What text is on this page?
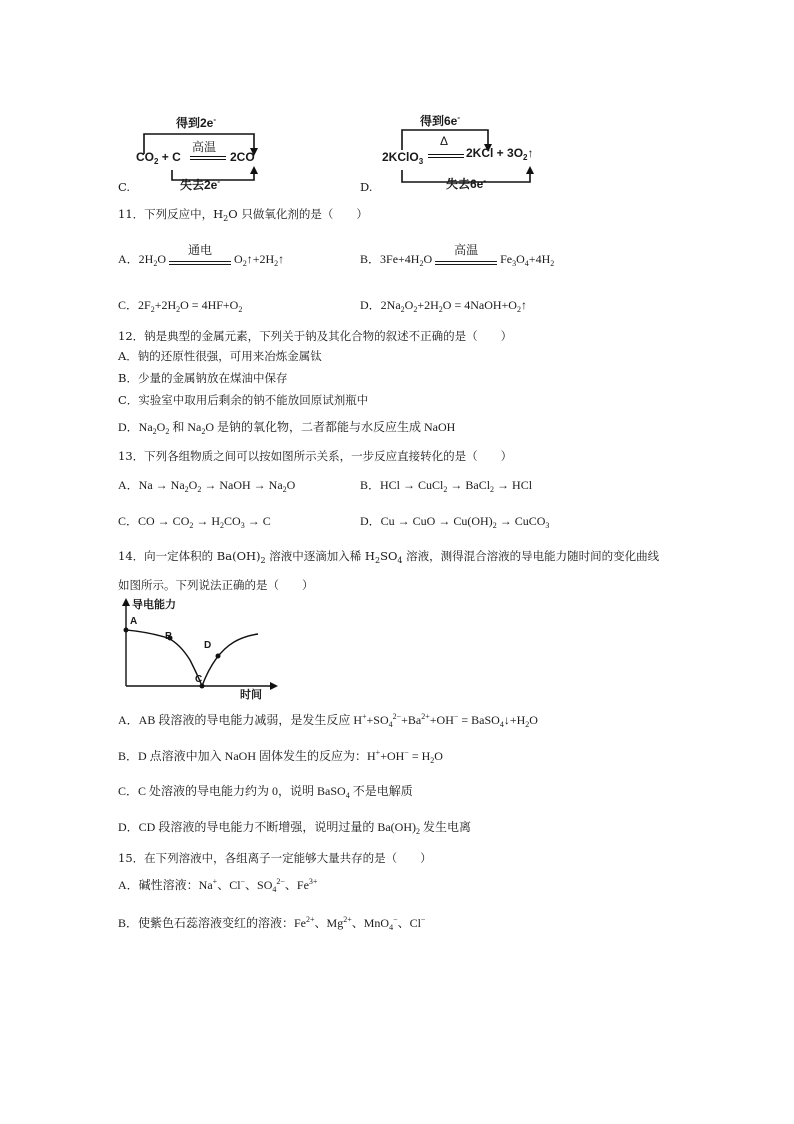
C.
得到2e-
$CO_2 + C$
高温
2CO
失去2e-	D.
得到6e-
2KClO$_3$
Δ
$2KCl + 3O_2↑$
失去6e-
11．下列反应中，$H_2O$ 只做氧化剂的是（　　）
A．$2H_2O$
通电
$O_2↑+2H_2↑$	B．$3Fe+4H_2O$
高温
$Fe_3O_4+4H_2$
C．$2F_2+2H_2O = 4HF+O_2$	D．$2Na_2O_2+2H_2O$ = $4NaOH+O_2↑$
12．钠是典型的金属元素，下列关于钠及其化合物的叙述不正确的是（　　）
A．钠的还原性很强，可用来冶炼金属钛
B．少量的金属钠放在煤油中保存
C．实验室中取用后剩余的钠不能放回原试剂瓶中
D．$Na_2O_2$ 和 $Na_2O$ 是钠的氧化物，二者都能与水反应生成 NaOH
13．下列各组物质之间可以按如图所示关系，一步反应直接转化的是（　　）
A．$Na \to Na_2O_2$ → NaOH → $Na_2O$	B．HCl → CuCl$_2$ → BaCl$_2$ → HCl
C．CO → $CO_2 \to H_2CO_3 \to C$	D．Cu → CuO → $Cu(OH)_2$ → CuCO$_3$
14．向一定体积的 $Ba(OH)_2$ 溶液中逐滴加入稀 $H_2SO_4$ 溶液，测得混合溶液的导电能力随时间的变化曲线
如图所示。下列说法正确的是（　　）
导电能力
时间
A
B
C
D
A．AB 段溶液的导电能力减弱，是发生反应 $H^++SO_4^{2-}+Ba^{2+}+OH^-$ = $BaSO_4↓+H_2O$
B．D 点溶液中加入 NaOH 固体发生的反应为：$H^++OH^- = H_2O$
C．C 处溶液的导电能力约为 0，说明 BaSO$_4$ 不是电解质
D．CD 段溶液的导电能力不断增强，说明过量的 $Ba(OH)_2$ 发生电离
15．在下列溶液中，各组离子一定能够大量共存的是（　　）
A．碱性溶液：Na+、Cl−、$SO_4^{2-}$、$Fe^{3+}$
B．使紫色石蕊溶液变红的溶液：$Fe^{2+}$、$Mg^{2+}$、MnO$_4$−、Cl−
